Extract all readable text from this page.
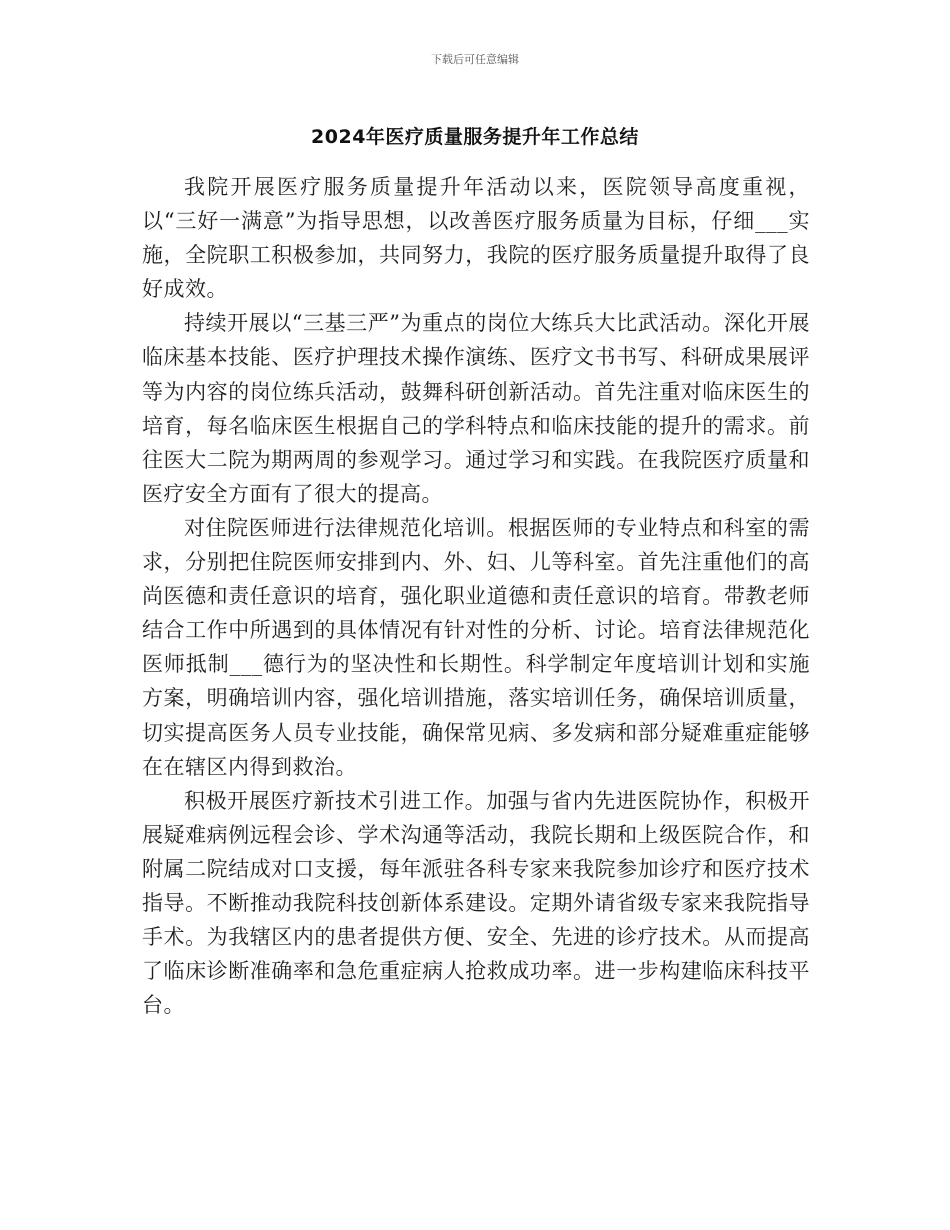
下载后可任意编辑
2024年医疗质量服务提升年工作总结

我院开展医疗服务质量提升年活动以来，医院领导高度重视，以“三好一满意”为指导思想，以改善医疗服务质量为目标，仔细___实施，全院职工积极参加，共同努力，我院的医疗服务质量提升取得了良好成效。

持续开展以“三基三严”为重点的岗位大练兵大比武活动。深化开展临床基本技能、医疗护理技术操作演练、医疗文书书写、科研成果展评等为内容的岗位练兵活动，鼓舞科研创新活动。首先注重对临床医生的培育，每名临床医生根据自己的学科特点和临床技能的提升的需求。前往医大二院为期两周的参观学习。通过学习和实践。在我院医疗质量和医疗安全方面有了很大的提高。

对住院医师进行法律规范化培训。根据医师的专业特点和科室的需求，分别把住院医师安排到内、外、妇、儿等科室。首先注重他们的高尚医德和责任意识的培育，强化职业道德和责任意识的培育。带教老师结合工作中所遇到的具体情况有针对性的分析、讨论。培育法律规范化医师抵制___德行为的坚决性和长期性。科学制定年度培训计划和实施方案，明确培训内容，强化培训措施，落实培训任务，确保培训质量，切实提高医务人员专业技能，确保常见病、多发病和部分疑难重症能够在在辖区内得到救治。

积极开展医疗新技术引进工作。加强与省内先进医院协作，积极开展疑难病例远程会诊、学术沟通等活动，我院长期和上级医院合作，和附属二院结成对口支援，每年派驻各科专家来我院参加诊疗和医疗技术指导。不断推动我院科技创新体系建设。定期外请省级专家来我院指导手术。为我辖区内的患者提供方便、安全、先进的诊疗技术。从而提高了临床诊断准确率和急危重症病人抢救成功率。进一步构建临床科技平台。
